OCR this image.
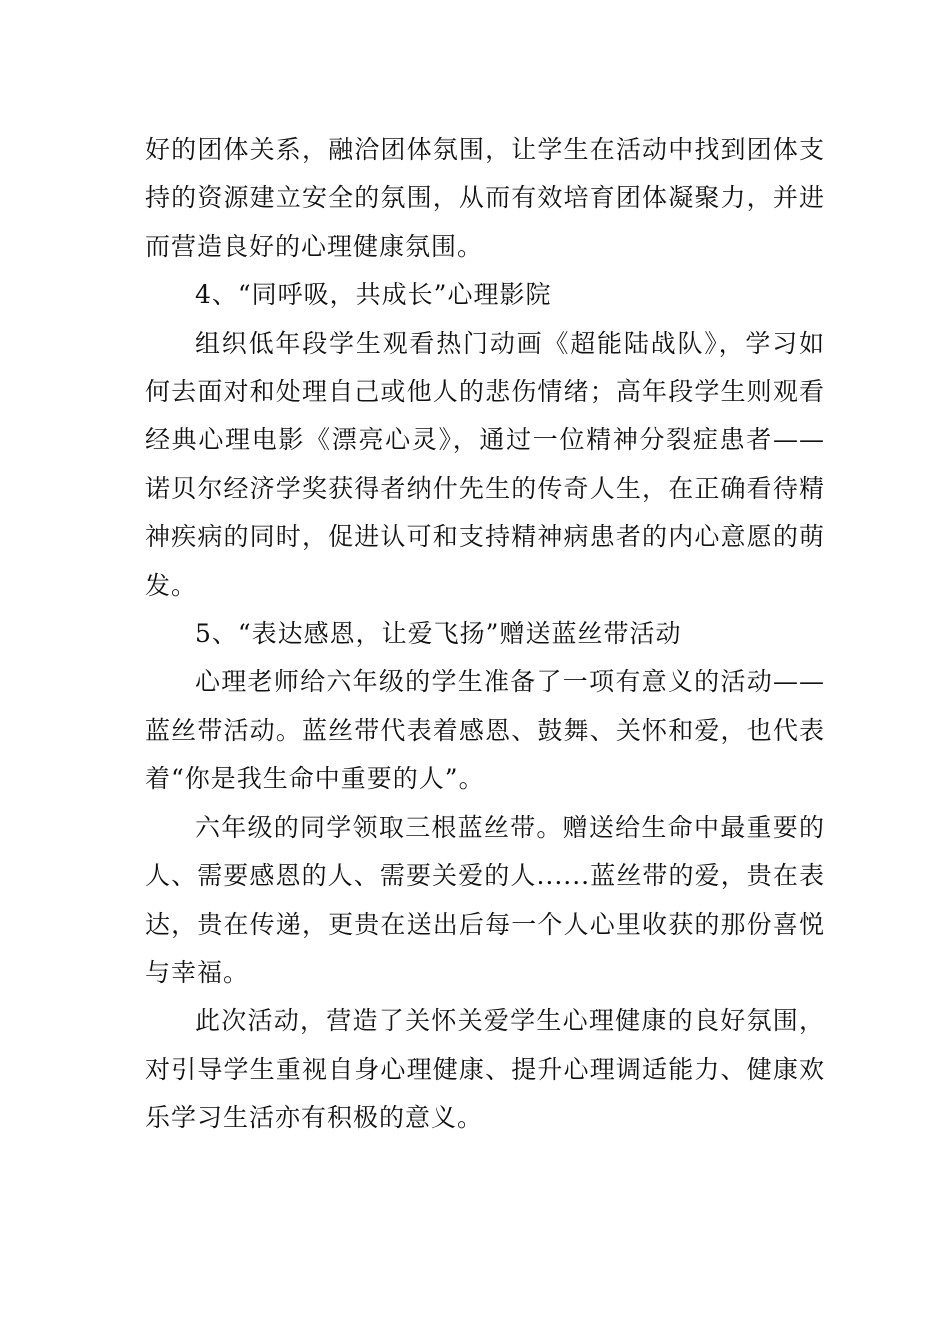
好的团体关系，融洽团体氛围，让学生在活动中找到团体支持的资源建立安全的氛围，从而有效培育团体凝聚力，并进而营造良好的心理健康氛围。

4、“同呼吸，共成长”心理影院

组织低年段学生观看热门动画《超能陆战队》，学习如何去面对和处理自己或他人的悲伤情绪；高年段学生则观看经典心理电影《漂亮心灵》，通过一位精神分裂症患者——诺贝尔经济学奖获得者纳什先生的传奇人生，在正确看待精神疾病的同时，促进认可和支持精神病患者的内心意愿的萌发。

5、“表达感恩，让爱飞扬”赠送蓝丝带活动

心理老师给六年级的学生准备了一项有意义的活动——蓝丝带活动。蓝丝带代表着感恩、鼓舞、关怀和爱，也代表着“你是我生命中重要的人”。

六年级的同学领取三根蓝丝带。赠送给生命中最重要的人、需要感恩的人、需要关爱的人......蓝丝带的爱，贵在表达，贵在传递，更贵在送出后每一个人心里收获的那份喜悦与幸福。

此次活动，营造了关怀关爱学生心理健康的良好氛围，对引导学生重视自身心理健康、提升心理调适能力、健康欢乐学习生活亦有积极的意义。
